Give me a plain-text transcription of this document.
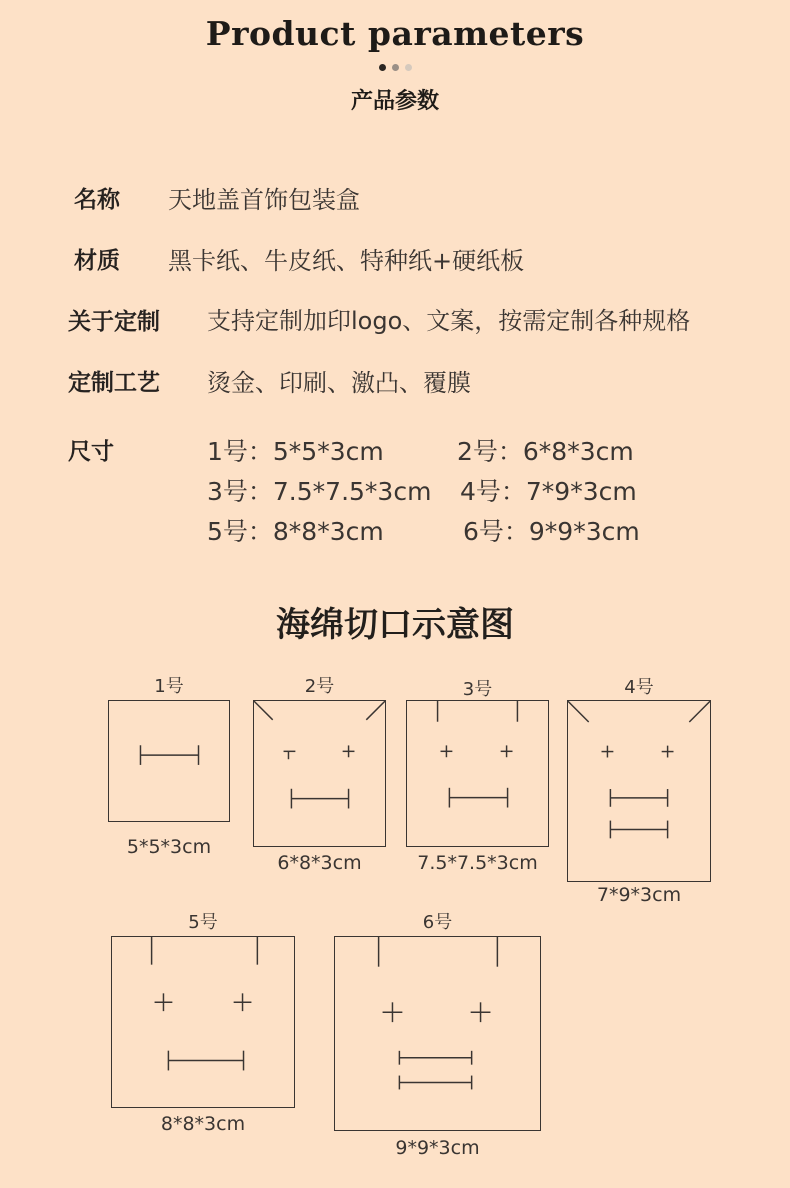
Product parameters

产品参数
名称 天地盖首饰包装盒
材质 黑卡纸、牛皮纸、特种纸+硬纸板
关于定制 支持定制加印logo、文案，按需定制各种规格
定制工艺 烫金、印刷、激凸、覆膜
尺寸	1号：5*5*3cm	2号：6*8*3cm
3号：7.5*7.5*3cm 4号：7*9*3cm
5号：8*8*3cm	6号：9*9*3cm
海绵切口示意图
1号
5*5*3cm
2号
6*8*3cm
3号
7.5*7.5*3cm
4号
7*9*3cm
5号
8*8*3cm
6号
9*9*3cm
